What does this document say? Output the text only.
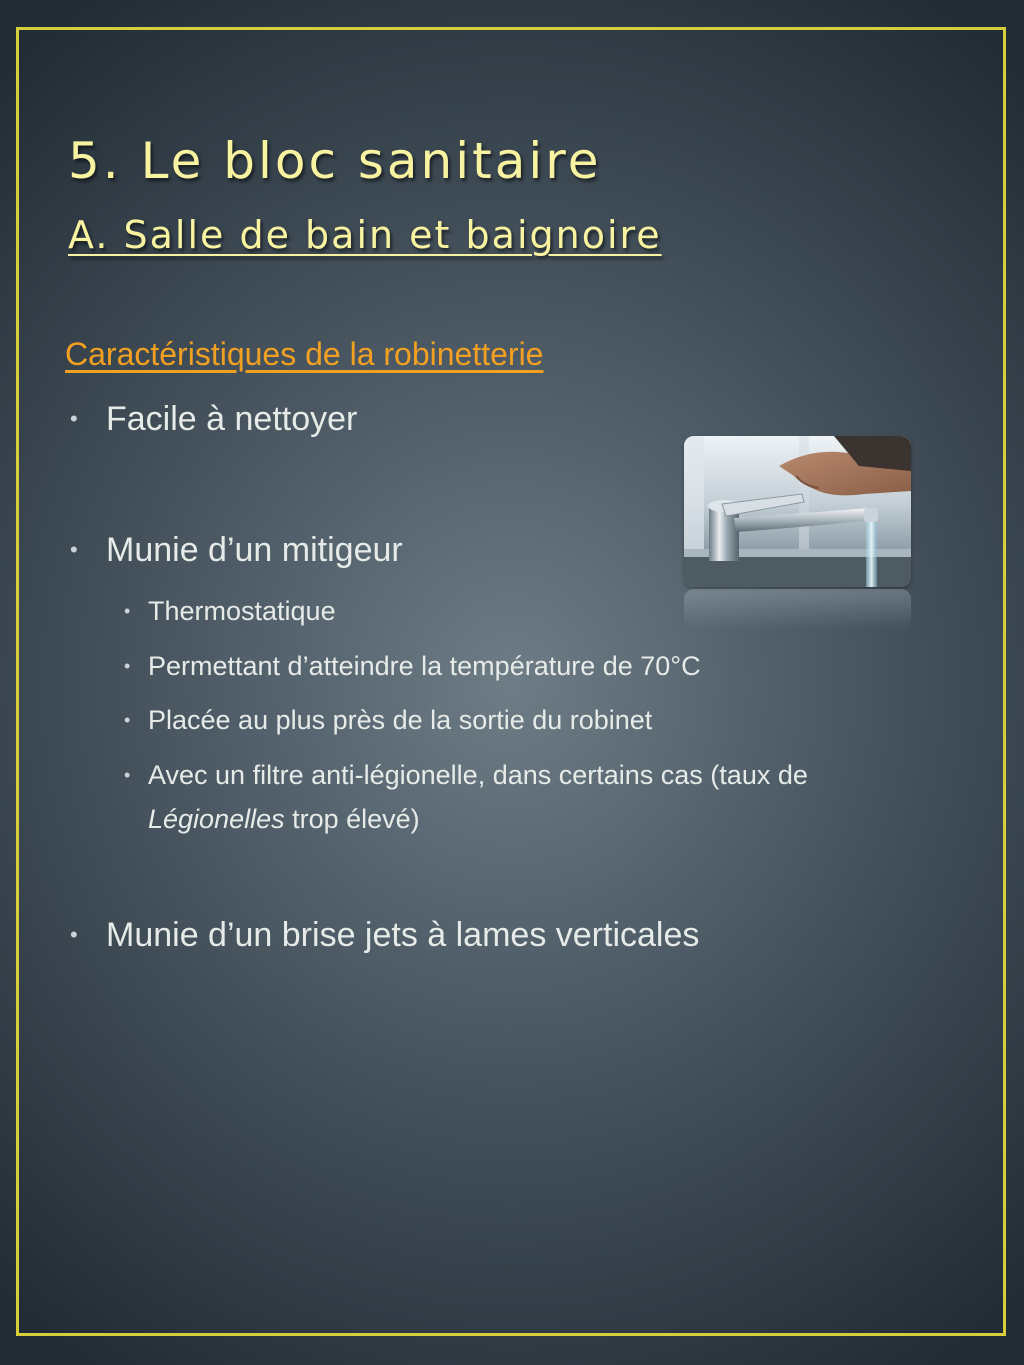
5. Le bloc sanitaire
A. Salle de bain et baignoire
Caractéristiques de la robinetterie
• Facile à nettoyer
• Munie d’un mitigeur
• Thermostatique
• Permettant d’atteindre la température de 70°C
• Placée au plus près de la sortie du robinet
• Avec un filtre anti-légionelle, dans certains cas (taux de Légionelles trop élevé)
• Munie d’un brise jets à lames verticales
